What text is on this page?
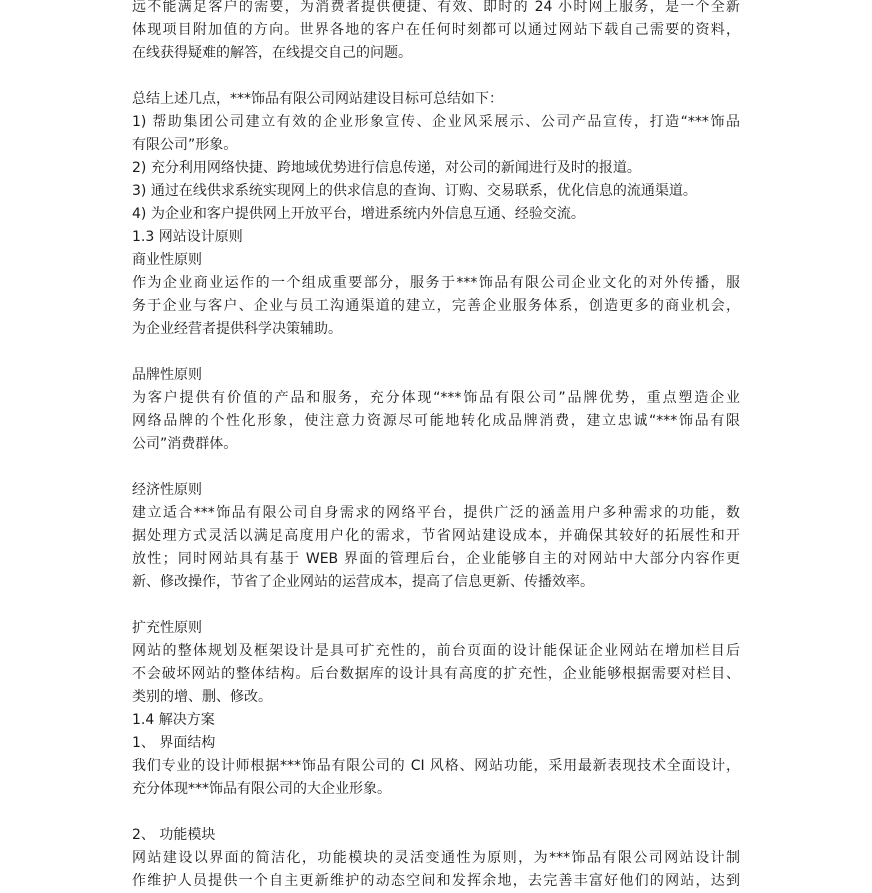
远不能满足客户的需要，为消费者提供便捷、有效、即时的 24 小时网上服务，是一个全新
体现项目附加值的方向。世界各地的客户在任何时刻都可以通过网站下载自己需要的资料，
在线获得疑难的解答，在线提交自己的问题。
总结上述几点，***饰品有限公司网站建设目标可总结如下：
1) 帮助集团公司建立有效的企业形象宣传、企业风采展示、公司产品宣传，打造“***饰品
有限公司”形象。
2) 充分利用网络快捷、跨地域优势进行信息传递，对公司的新闻进行及时的报道。
3) 通过在线供求系统实现网上的供求信息的查询、订购、交易联系，优化信息的流通渠道。
4) 为企业和客户提供网上开放平台，增进系统内外信息互通、经验交流。
1.3 网站设计原则
商业性原则
作为企业商业运作的一个组成重要部分，服务于***饰品有限公司企业文化的对外传播，服
务于企业与客户、企业与员工沟通渠道的建立，完善企业服务体系，创造更多的商业机会，
为企业经营者提供科学决策辅助。
品牌性原则
为客户提供有价值的产品和服务，充分体现“***饰品有限公司”品牌优势，重点塑造企业
网络品牌的个性化形象，使注意力资源尽可能地转化成品牌消费，建立忠诚“***饰品有限
公司”消费群体。
经济性原则
建立适合***饰品有限公司自身需求的网络平台，提供广泛的涵盖用户多种需求的功能，数
据处理方式灵活以满足高度用户化的需求，节省网站建设成本，并确保其较好的拓展性和开
放性；同时网站具有基于 WEB 界面的管理后台，企业能够自主的对网站中大部分内容作更
新、修改操作，节省了企业网站的运营成本，提高了信息更新、传播效率。
扩充性原则
网站的整体规划及框架设计是具可扩充性的，前台页面的设计能保证企业网站在增加栏目后
不会破坏网站的整体结构。后台数据库的设计具有高度的扩充性，企业能够根据需要对栏目、
类别的增、删、修改。
1.4 解决方案
1、 界面结构
我们专业的设计师根据***饰品有限公司的 CI 风格、网站功能，采用最新表现技术全面设计，
充分体现***饰品有限公司的大企业形象。
2、 功能模块
网站建设以界面的简洁化，功能模块的灵活变通性为原则，为***饰品有限公司网站设计制
作维护人员提供一个自主更新维护的动态空间和发挥余地，去完善丰富好他们的网站，达到
